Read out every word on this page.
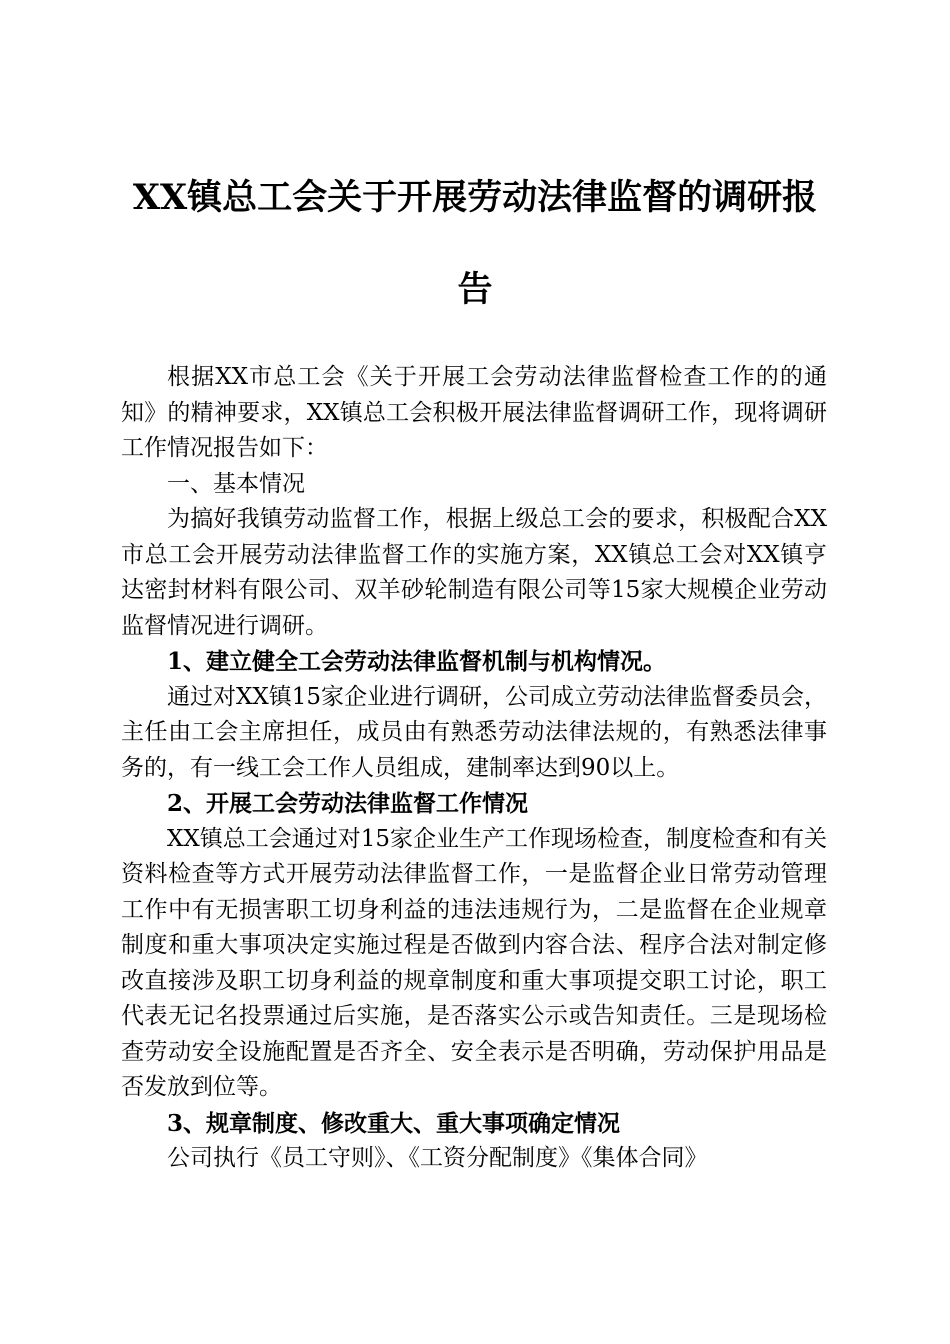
XX镇总工会关于开展劳动法律监督的调研报
告

根据XX市总工会《关于开展工会劳动法律监督检查工作的的通知》的精神要求，XX镇总工会积极开展法律监督调研工作，现将调研工作情况报告如下：

一、基本情况

为搞好我镇劳动监督工作，根据上级总工会的要求，积极配合XX市总工会开展劳动法律监督工作的实施方案，XX镇总工会对XX镇亨达密封材料有限公司、双羊砂轮制造有限公司等15家大规模企业劳动监督情况进行调研。

1、建立健全工会劳动法律监督机制与机构情况。

通过对XX镇15家企业进行调研，公司成立劳动法律监督委员会，主任由工会主席担任，成员由有熟悉劳动法律法规的，有熟悉法律事务的，有一线工会工作人员组成，建制率达到90以上。

2、开展工会劳动法律监督工作情况

XX镇总工会通过对15家企业生产工作现场检查，制度检查和有关资料检查等方式开展劳动法律监督工作，一是监督企业日常劳动管理工作中有无损害职工切身利益的违法违规行为，二是监督在企业规章制度和重大事项决定实施过程是否做到内容合法、程序合法对制定修改直接涉及职工切身利益的规章制度和重大事项提交职工讨论，职工代表无记名投票通过后实施，是否落实公示或告知责任。三是现场检查劳动安全设施配置是否齐全、安全表示是否明确，劳动保护用品是否发放到位等。

3、规章制度、修改重大、重大事项确定情况

公司执行《员工守则》、《工资分配制度》《集体合同》
